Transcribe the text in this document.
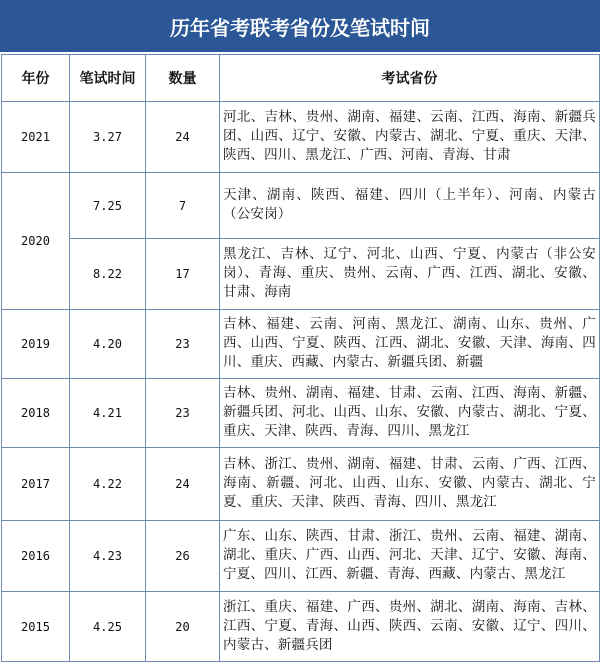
历年省考联考省份及笔试时间
年份	笔试时间	数量	考试省份
2021	3.27	24	河北、吉林、贵州、湖南、福建、云南、江西、海南、新疆兵团、山西、辽宁、安徽、内蒙古、湖北、宁夏、重庆、天津、陕西、四川、黑龙江、广西、河南、青海、甘肃
2020	7.25	7	天津、湖南、陕西、福建、四川（上半年）、河南、内蒙古（公安岗）
	8.22	17	黑龙江、吉林、辽宁、河北、山西、宁夏、内蒙古（非公安岗）、青海、重庆、贵州、云南、广西、江西、湖北、安徽、甘肃、海南
2019	4.20	23	吉林、福建、云南、河南、黑龙江、湖南、山东、贵州、广西、山西、宁夏、陕西、江西、湖北、安徽、天津、海南、四川、重庆、西藏、内蒙古、新疆兵团、新疆
2018	4.21	23	吉林、贵州、湖南、福建、甘肃、云南、江西、海南、新疆、新疆兵团、河北、山西、山东、安徽、内蒙古、湖北、宁夏、重庆、天津、陕西、青海、四川、黑龙江
2017	4.22	24	吉林、浙江、贵州、湖南、福建、甘肃、云南、广西、江西、海南、新疆、河北、山西、山东、安徽、内蒙古、湖北、宁夏、重庆、天津、陕西、青海、四川、黑龙江
2016	4.23	26	广东、山东、陕西、甘肃、浙江、贵州、云南、福建、湖南、湖北、重庆、广西、山西、河北、天津、辽宁、安徽、海南、宁夏、四川、江西、新疆、青海、西藏、内蒙古、黑龙江
2015	4.25	20	浙江、重庆、福建、广西、贵州、湖北、湖南、海南、吉林、江西、宁夏、青海、山西、陕西、云南、安徽、辽宁、四川、内蒙古、新疆兵团
